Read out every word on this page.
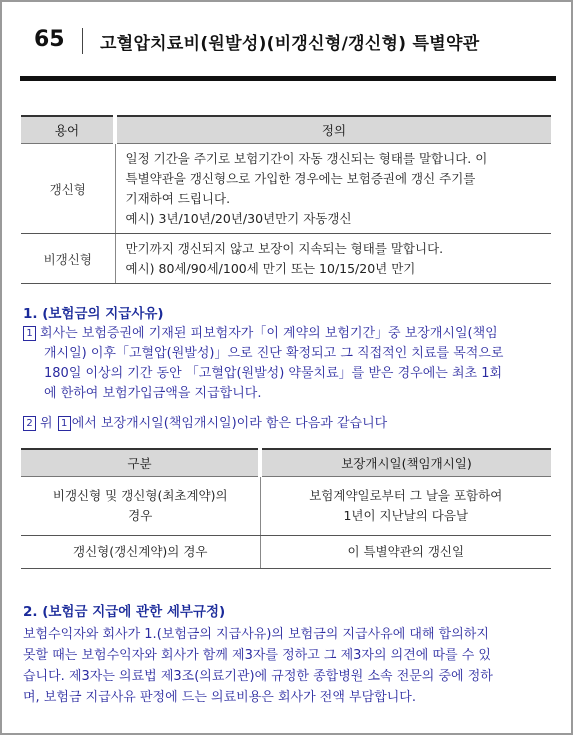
65 고혈압치료비(원발성)(비갱신형/갱신형) 특별약관
용어	정의
갱신형	일정 기간을 주기로 보험기간이 자동 갱신되는 형태를 말합니다. 이
특별약관을 갱신형으로 가입한 경우에는 보험증권에 갱신 주기를
기재하여 드립니다.
예시) 3년/10년/20년/30년만기 자동갱신

비갱신형	만기까지 갱신되지 않고 보장이 지속되는 형태를 말합니다.
예시) 80세/90세/100세 만기 또는 10/15/20년 만기
1. (보험금의 지급사유)
1 회사는 보험증권에 기재된 피보험자가「이 계약의 보험기간」중 보장개시일(책임
개시일) 이후「고혈압(원발성)」으로 진단 확정되고 그 직접적인 치료를 목적으로
180일 이상의 기간 동안 「고혈압(원발성) 약물치료」를 받은 경우에는 최초 1회
에 한하여 보험가입금액을 지급합니다.
2 위 1 에서 보장개시일(책임개시일)이라 함은 다음과 같습니다
구분	보장개시일(책임개시일)

비갱신형 및 갱신형(최초계약)의
경우	보험계약일로부터 그 날을 포함하여
1년이 지난날의 다음날

갱신형(갱신계약)의 경우	이 특별약관의 갱신일
2. (보험금 지급에 관한 세부규정)
보험수익자와 회사가 1.(보험금의 지급사유)의 보험금의 지급사유에 대해 합의하지
못할 때는 보험수익자와 회사가 함께 제3자를 정하고 그 제3자의 의견에 따를 수 있
습니다. 제3자는 의료법 제3조(의료기관)에 규정한 종합병원 소속 전문의 중에 정하
며, 보험금 지급사유 판정에 드는 의료비용은 회사가 전액 부담합니다.
